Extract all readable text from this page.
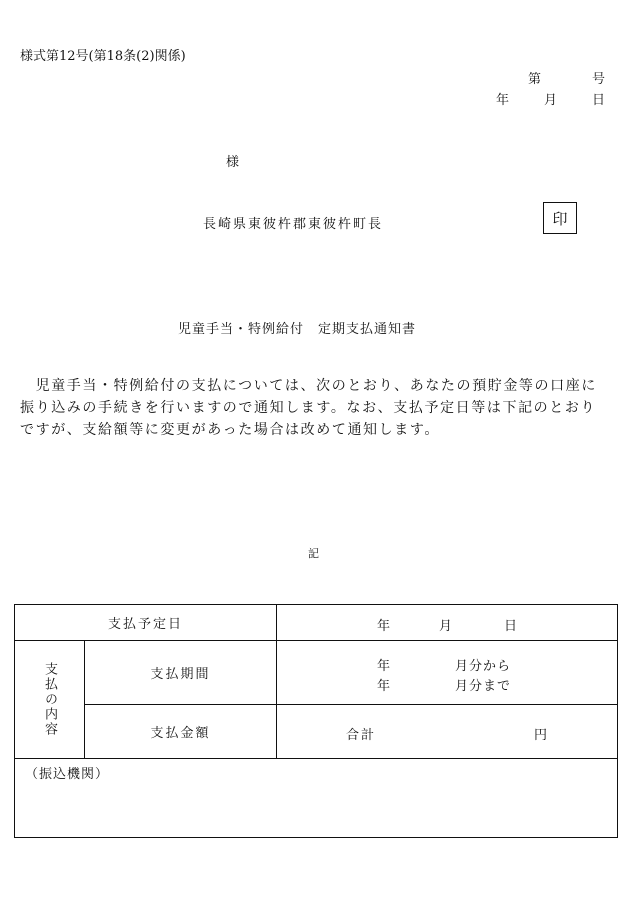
様式第12号(第18条(2)関係)
第	号
年	月	日
様
長崎県東彼杵郡東彼杵町長	印
児童手当・特例給付　定期支払通知書

　児童手当・特例給付の支払については、次のとおり、あなたの預貯金等の口座に

振り込みの手続きを行いますので通知します。なお、支払予定日等は下記のとおり

ですが、支給額等に変更があった場合は改めて通知します。

記
支払予定日		年 月 日

支払の内容	支払期間	年 月分から
年 月分まで

	支払金額	合計 円

（振込機関）		
